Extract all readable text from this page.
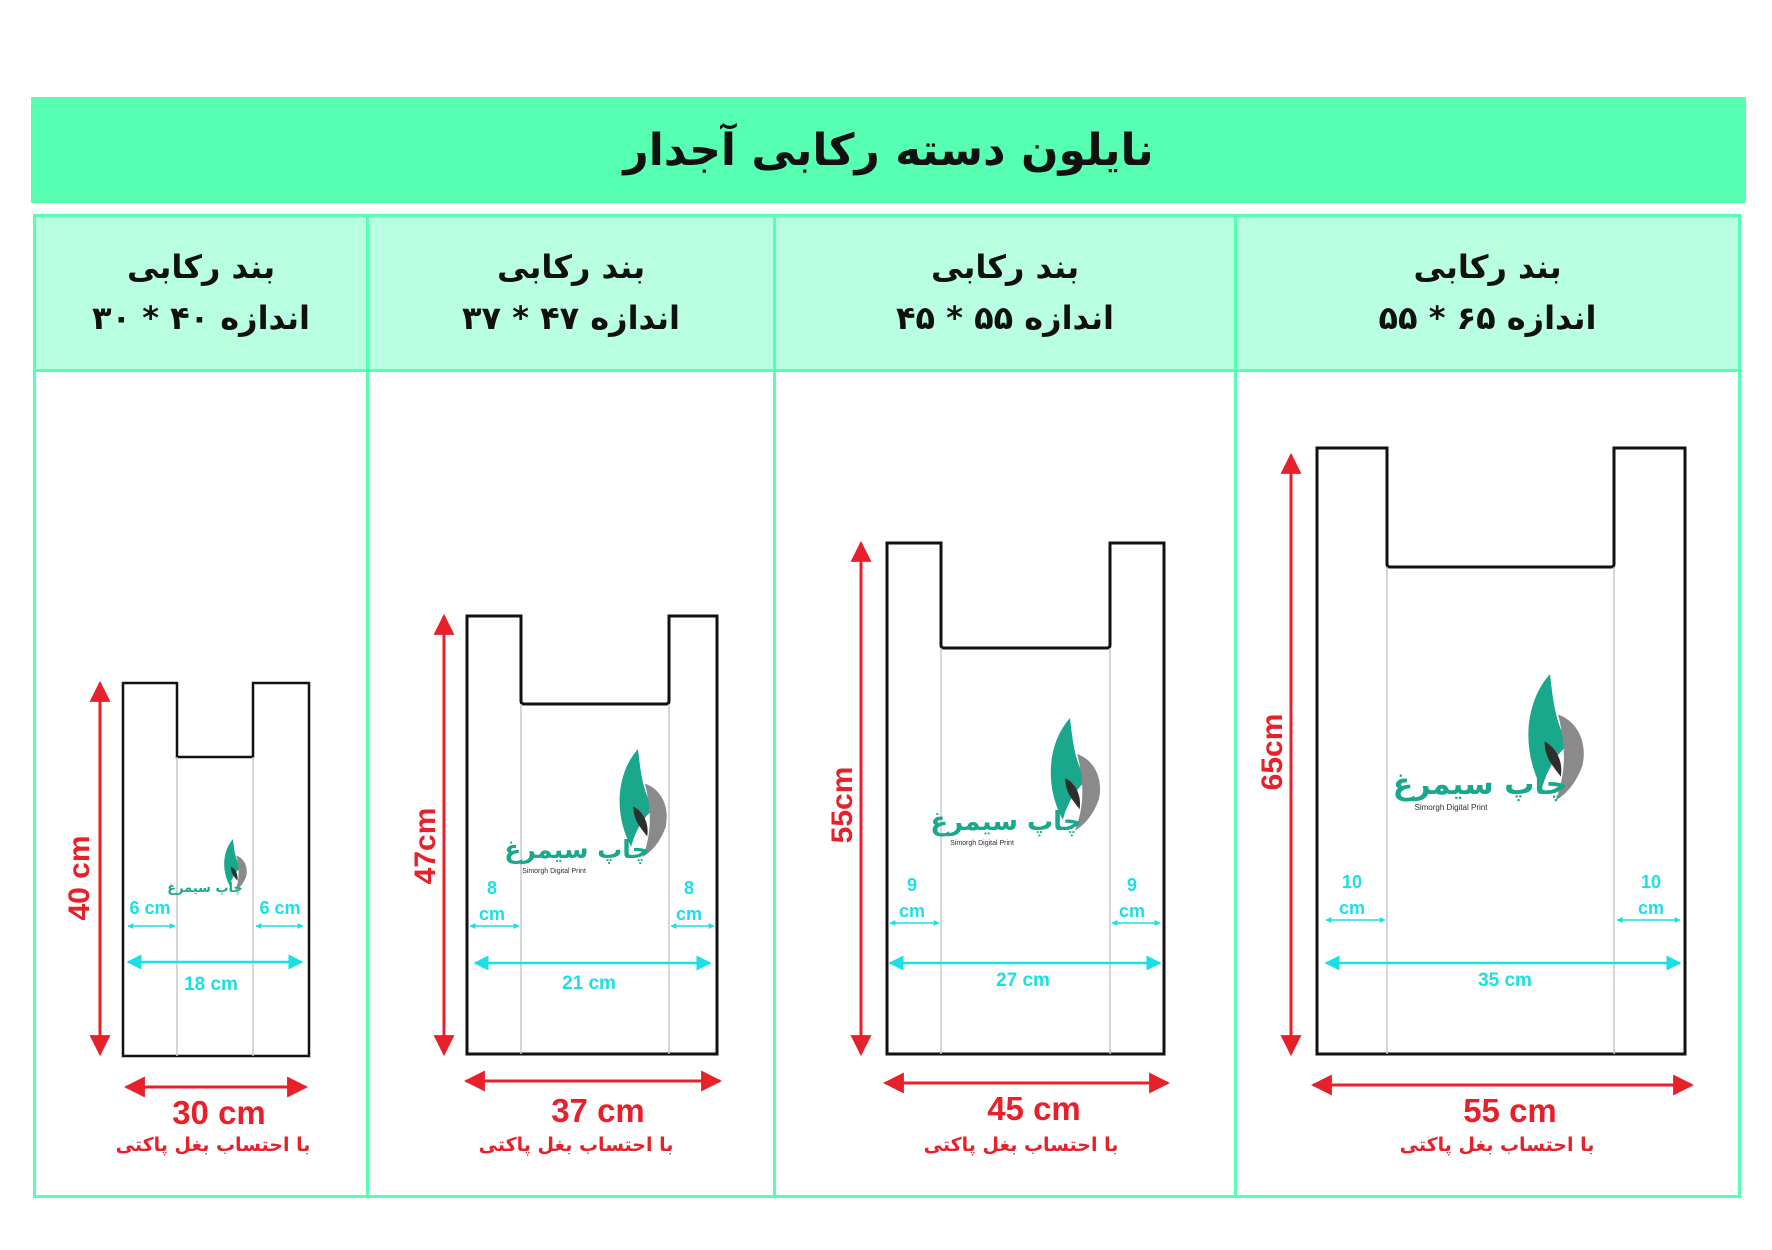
نایلون دسته رکابی آجدار
بند رکابی
اندازه ۴۰ * ۳۰
بند رکابی
اندازه ۴۷ * ۳۷
بند رکابی
اندازه ۵۵ * ۴۵
بند رکابی
اندازه ۶۵ * ۵۵
65cm
55 cm
با احتساب بغل پاکتی
35 cm
10
cm
10
cm
چاپ سیمرغ
Simorgh Digital Print
55cm
45 cm
با احتساب بغل پاکتی
27 cm
9
cm
9
cm
چاپ سیمرغ
Simorgh Digital Print
47cm
37 cm
با احتساب بغل پاکتی
21 cm
8
cm
8
cm
چاپ سیمرغ
Simorgh Digital Print
40 cm
30 cm
با احتساب بغل پاکتی
18 cm
6 cm	6 cm
چاپ سیمرغ
